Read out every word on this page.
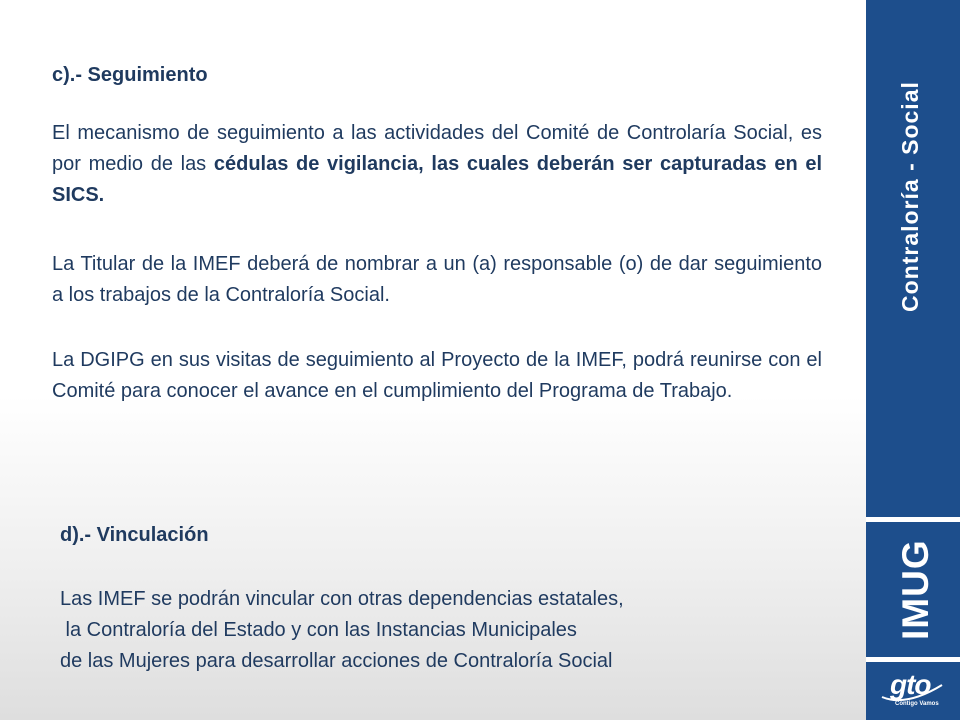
Contraloría - Social
IMUG
gto
Contigo Vamos
c).- Seguimiento
El mecanismo de seguimiento a las actividades del Comité de Controlaría Social, es por medio de las cédulas de vigilancia, las cuales deberán ser capturadas en el SICS.
La Titular de la IMEF deberá de nombrar a un (a) responsable (o) de dar seguimiento a los trabajos de la Contraloría Social.
La DGIPG en sus visitas de seguimiento al Proyecto de la IMEF, podrá reunirse con el Comité para conocer el avance en el cumplimiento del Programa de Trabajo.
d).- Vinculación
Las IMEF se podrán vincular con otras dependencias estatales,
la Contraloría del Estado y con las Instancias Municipales
de las Mujeres para desarrollar acciones de Contraloría Social
